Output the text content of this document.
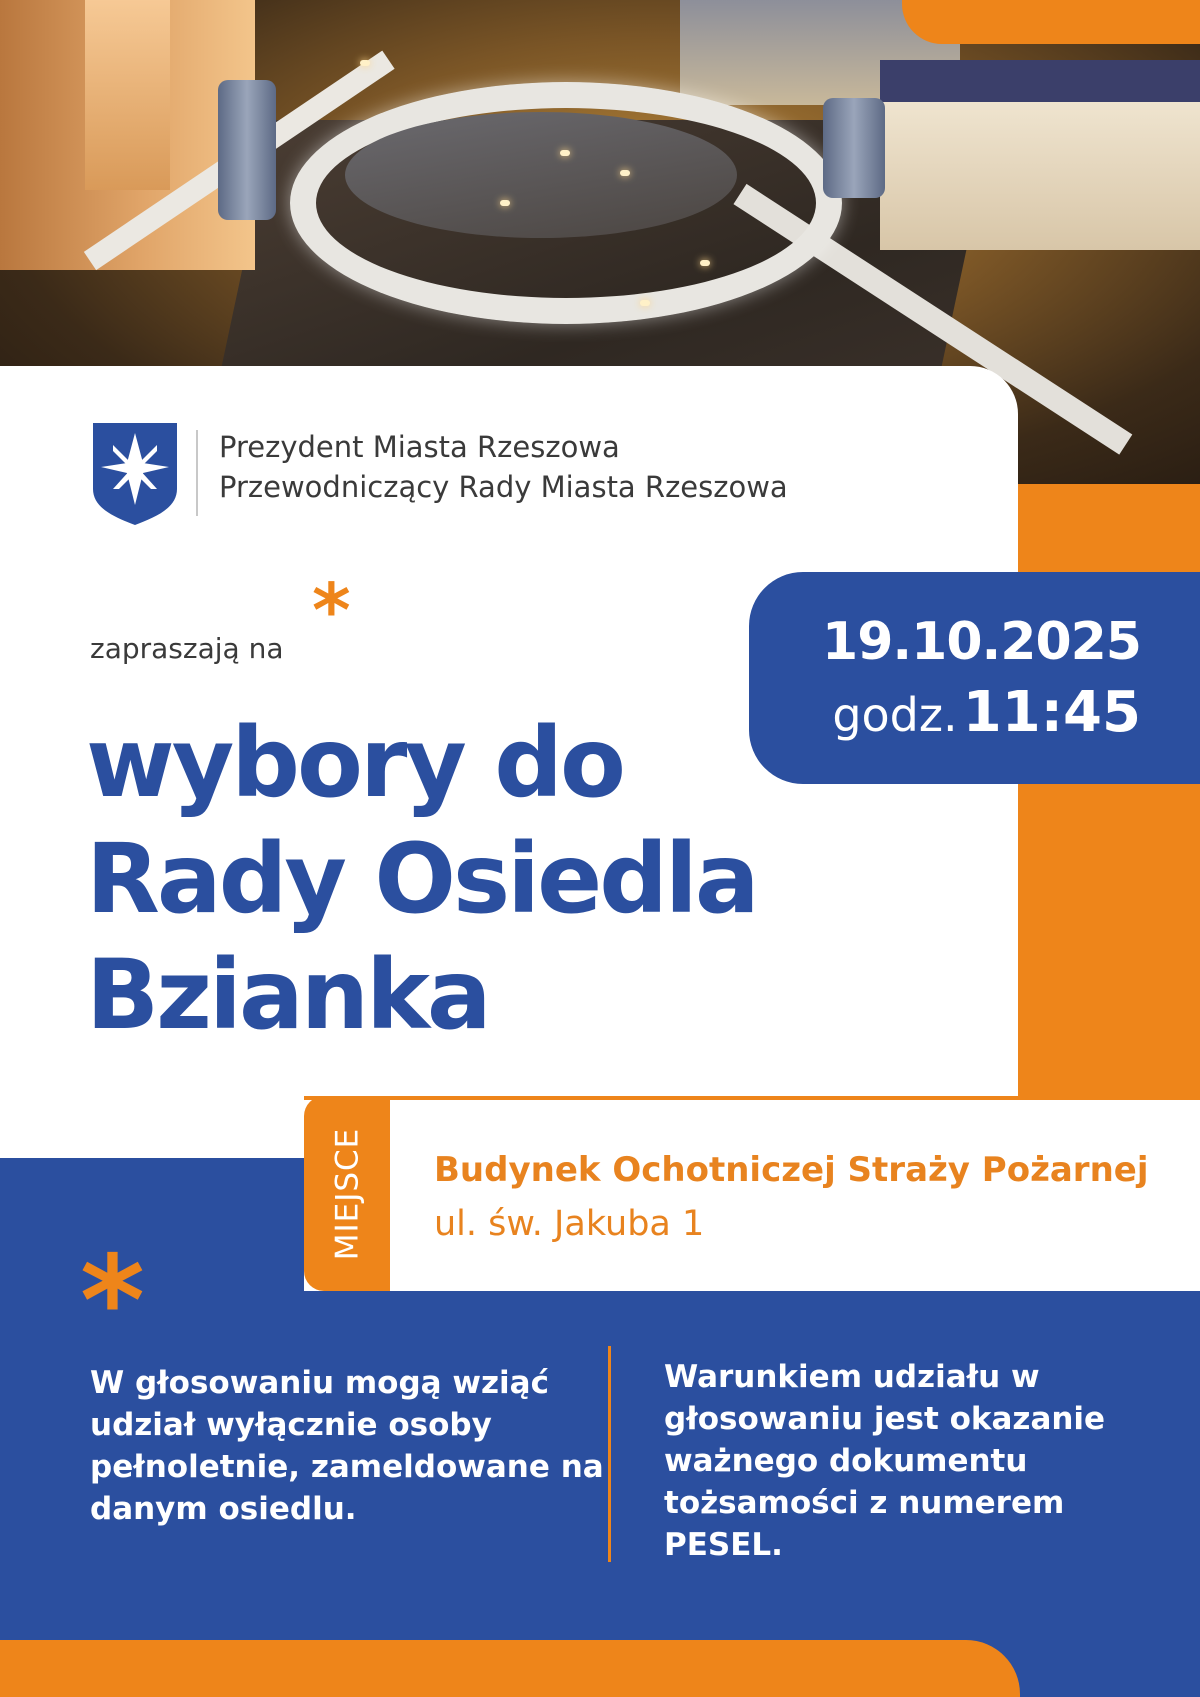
Prezydent Miasta Rzeszowa
Przewodniczący Rady Miasta Rzeszowa
zapraszają na *
wybory do
Rady Osiedla
Bzianka
19.10.2025
godz. 11:45
MIEJSCE Budynek Ochotniczej Straży Pożarnej
ul. św. Jakuba 1
*
W głosowaniu mogą wziąć udział wyłącznie osoby pełnoletnie, zameldowane na danym osiedlu.
Warunkiem udziału w głosowaniu jest okazanie ważnego dokumentu tożsamości z numerem PESEL.
